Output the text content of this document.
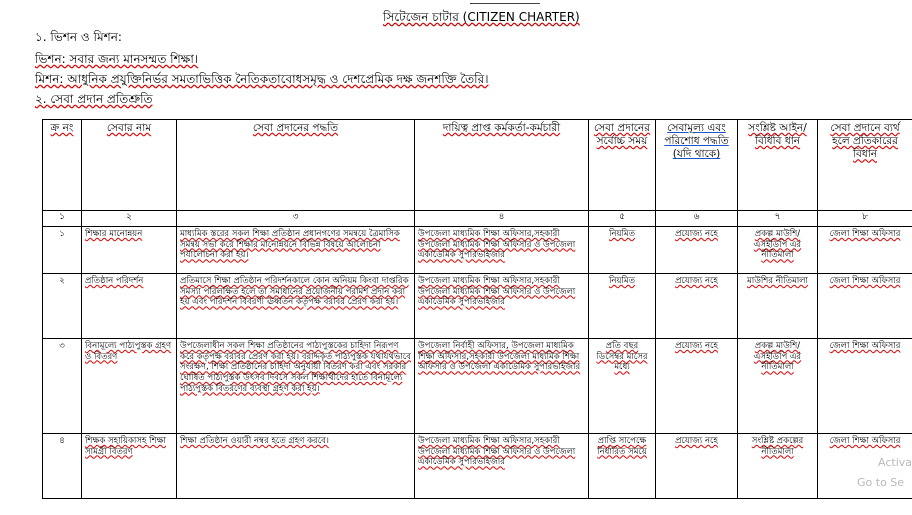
সিটেজেন চাটার (CITIZEN CHARTER)
১. ভিশন ও মিশন:
ভিশন: সবার জন্য মানসম্মত শিক্ষা।
মিশন: আধুনিক প্রযুক্তিনির্ভর সমতাভিত্তিক নৈতিকতাবোধসমৃদ্ধ ও দেশপ্রেমিক দক্ষ জনশক্তি তৈরি।
২. সেবা প্রদান প্রতিশ্রুতি
ক্র নং	সেবার নাম	সেবা প্রদানের পদ্ধতি	দায়িত্ব প্রাপ্ত কর্মকর্তা-কর্মচারী	সেবা প্রদানের সর্বোচ্চ সময়	সেবামূল্য এবং পরিশোধ পদ্ধতি (যদি থাকে)	সংশ্লিষ্ট আইন/বিধিবি ধান	সেবা প্রদানে ব্যর্থ হলে প্রতিকারের বিধান
১	২	৩	৪	৫	৬	৭	৮
১	শিক্ষার মানোন্নয়ন	মাধ্যমিক স্তরের সকল শিক্ষা প্রতিষ্ঠান প্রধানগণের সমন্বয়ে ত্রৈমাসিক সমন্বয় সভা করে শিক্ষার মানোন্নয়নে বিভিন্ন বিষয়ে আলোচনা পর্যালোচনা করা হয়।	উপজেলা মাধ্যমিক শিক্ষা অফিসার,সহকারী উপজেলা মাধ্যমিক শিক্ষা অফিসার ও উপজেলা একাডেমিক সুপারভাইজার	নিয়মিত	প্রযোজ্য নহে	প্রকল্প মাউশি/এসইডিপি এর নীতিমালা	জেলা শিক্ষা অফিসার
২	প্রতিষ্ঠান পরিদর্শন	প্রতিমাসে শিক্ষা প্রতিষ্ঠান পরিদর্শনকালে কোন অনিয়ম কিংবা দাপ্তরিক সমস্যা পরিলক্ষিত হলে তা সমাধানের প্রয়োজনীয় পরামর্শ প্রদান করা হয় এবং পরিদর্শন বিবরণী ঊর্ধ্বতন কর্তৃপক্ষ বরাবর প্রেরণ করা হয়।	উপজেলা মাধ্যমিক শিক্ষা অফিসার,সহকারী উপজেলা মাধ্যমিক শিক্ষা অফিসার ও উপজেলা একাডেমিক সুপারভাইজার	নিয়মিত	প্রযোজ্য নহে	মাউশির নীতিমালা	জেলা শিক্ষা অফিসার
৩	বিনামূল্যে পাঠ্যপুস্তক গ্রহণ ও বিতরণ	উপজেলাধীন সকল শিক্ষা প্রতিষ্ঠানের পাঠ্যপুস্তকের চাহিদা নিরূপণ করে কর্তৃপক্ষ বরাবর প্রেরণ করা হয়। বরাদ্দকৃত পাঠ্যপুস্তক যথাযথভাবে সংরক্ষণ, শিক্ষা প্রতিষ্ঠানের চাহিদা অনুযায়ী বিতরণ করা এবং সরকার ঘোষিত পাঠ্যপুস্তক উৎসব দিবসে সকল শিক্ষার্থীদের হাতে বিনামূল্যে পাঠ্যপুস্তক বিতরণের ব্যবস্থা গ্রহণ করা হয়।	উপজেলা নির্বাহী অফিসার, উপজেলা মাধ্যমিক শিক্ষা অফিসার,সহকারী উপজেলা মাধ্যমিক শিক্ষা অফিসার ও উপজেলা একাডেমিক সুপারভাইজার	প্রতি বছর ডিসেম্বর মাসের মধ্যে	প্রযোজ্য নহে	প্রকল্প মাউশি/এসইডিপি এর নীতিমালা	জেলা শিক্ষা অফিসার
৪	শিক্ষক সহায়িকাসহ শিক্ষা সামগ্রী বিতরণ	শিক্ষা প্রতিষ্ঠান ওয়ারী নম্বর হতে গ্রহণ করবে।	উপজেলা মাধ্যমিক শিক্ষা অফিসার,সহকারী উপজেলা মাধ্যমিক শিক্ষা অফিসার ও উপজেলা একাডেমিক সুপারভাইজার	প্রাপ্তি সাপেক্ষে নির্ধারিত সময়ে	প্রযোজ্য নহে	সংশ্লিষ্ট প্রকল্পের নীতিমালা	জেলা শিক্ষা অফিসার
Activa
Go to Se
